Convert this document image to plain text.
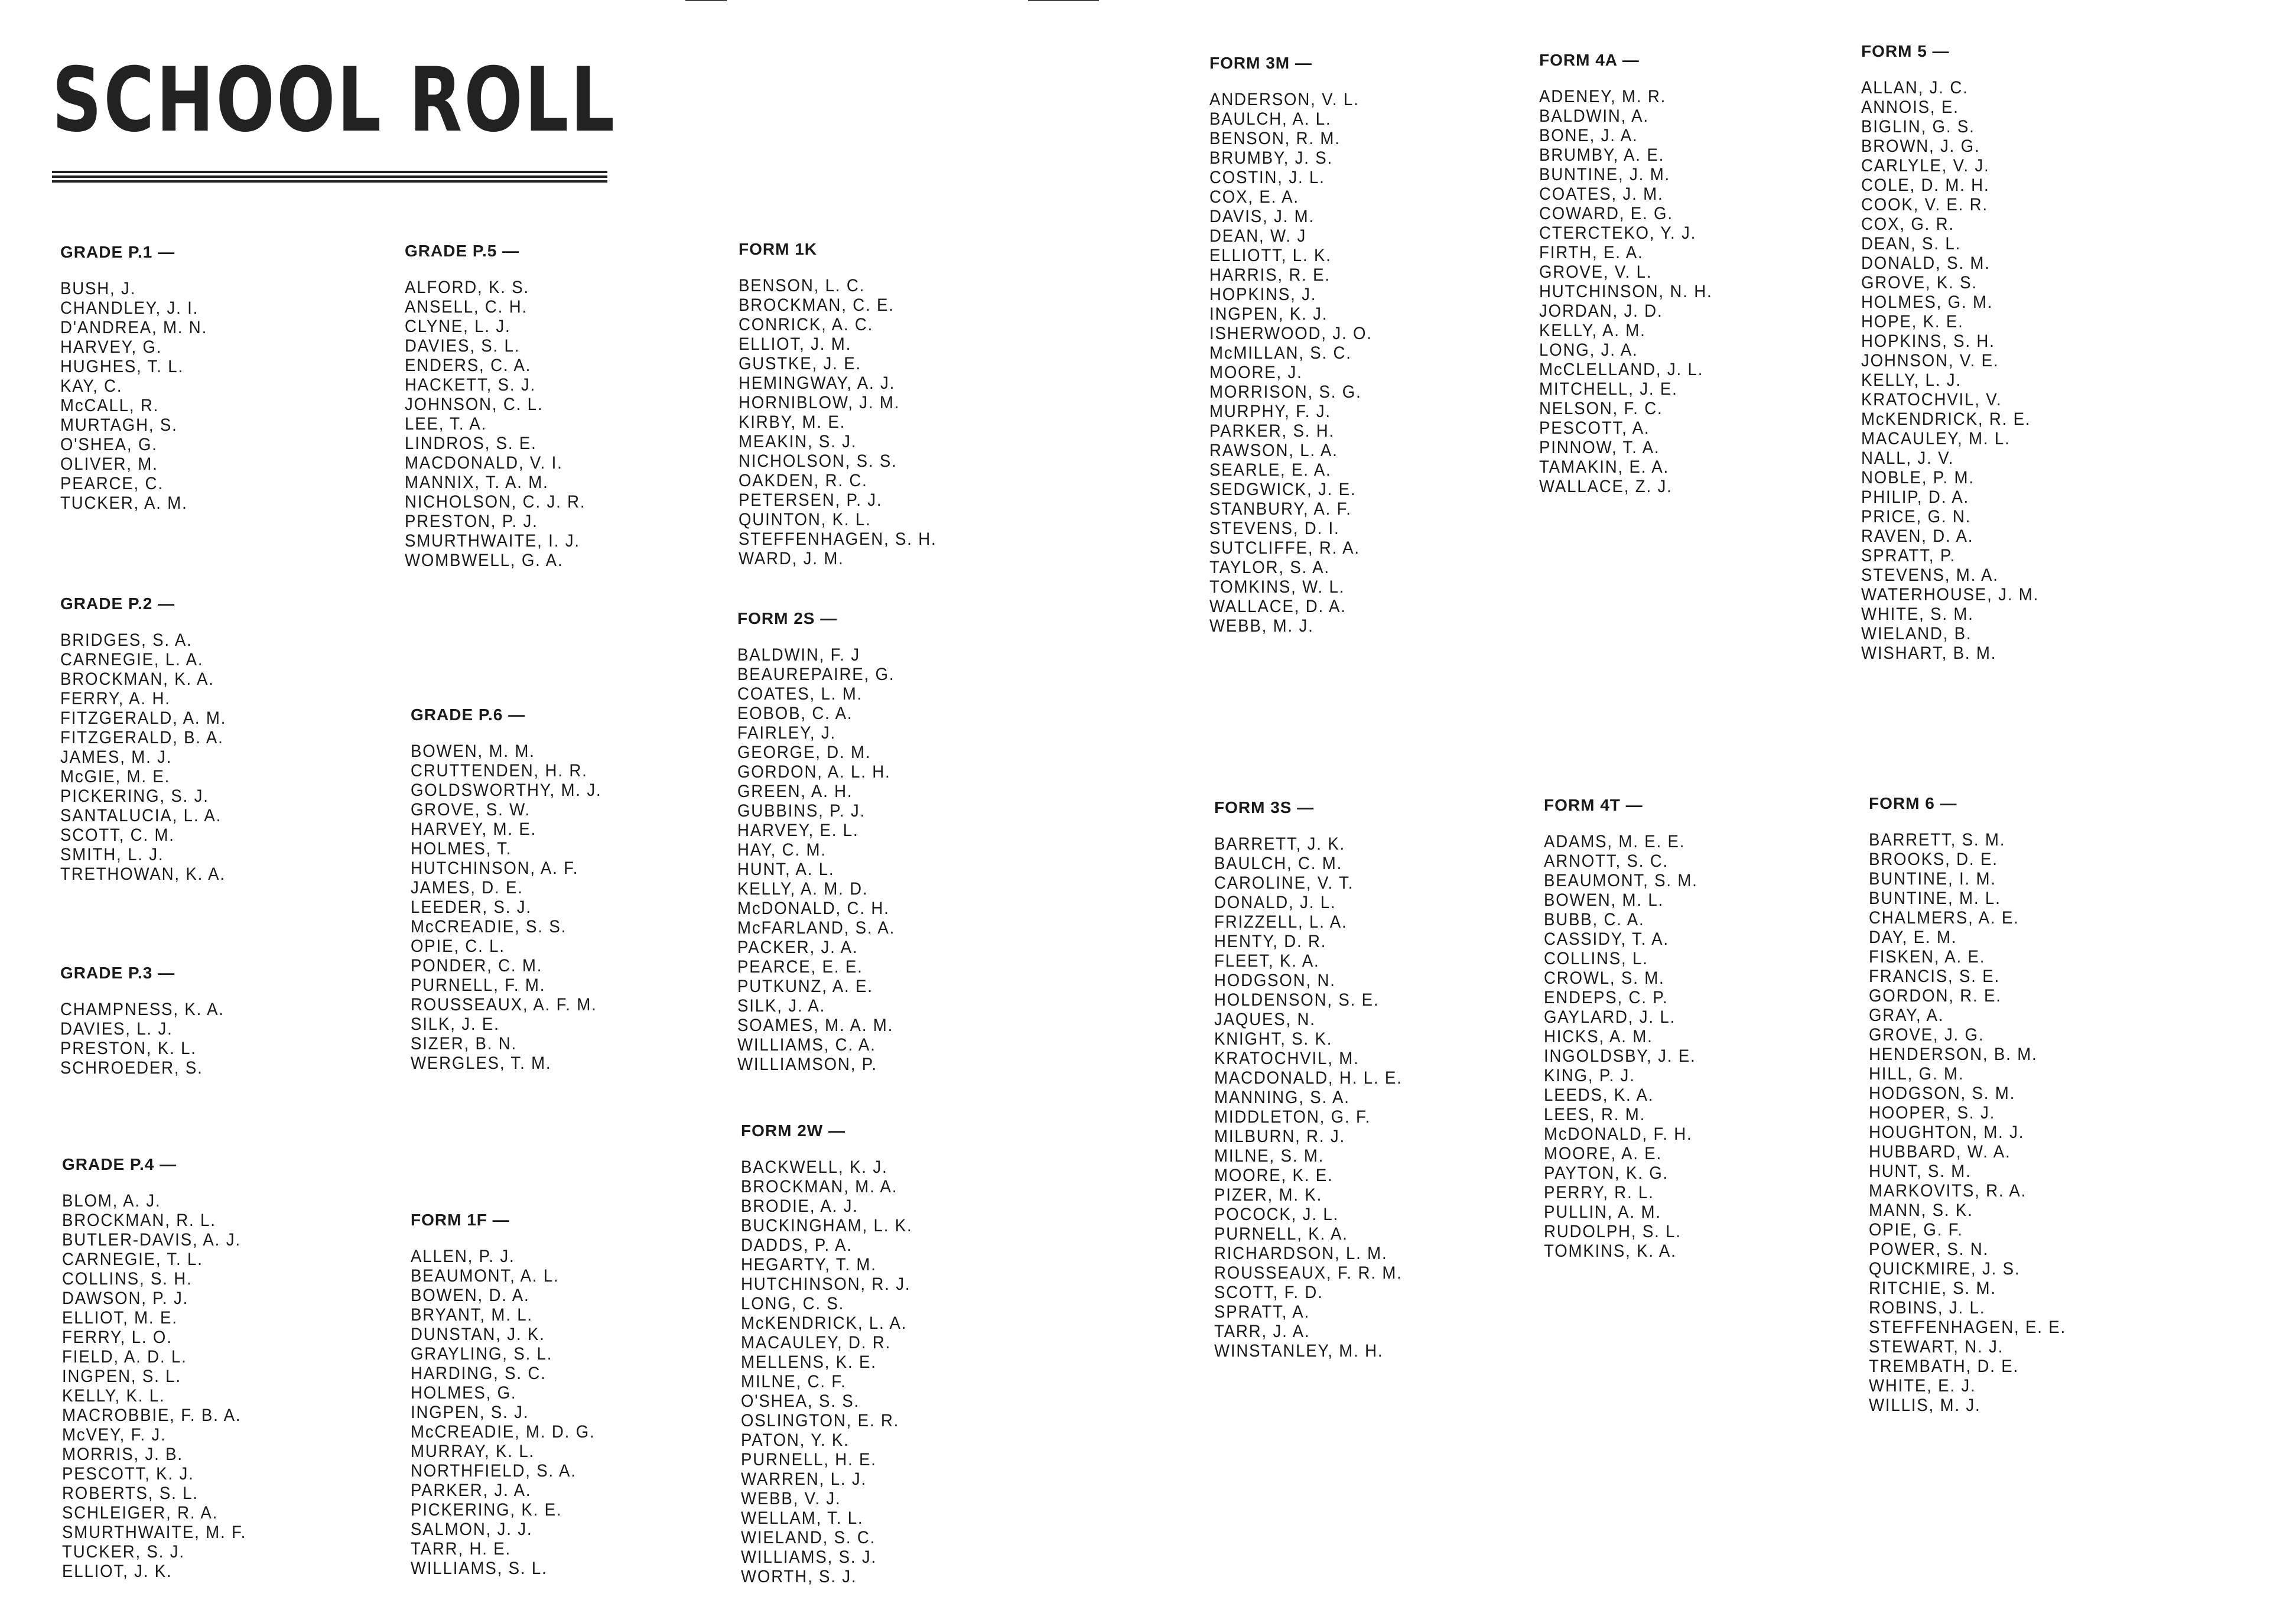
SCHOOL ROLL
GRADE P.1 —
BUSH, J.
CHANDLEY, J. I.
D'ANDREA, M. N.
HARVEY, G.
HUGHES, T. L.
KAY, C.
McCALL, R.
MURTAGH, S.
O'SHEA, G.
OLIVER, M.
PEARCE, C.
TUCKER, A. M.
GRADE P.2 —
BRIDGES, S. A.
CARNEGIE, L. A.
BROCKMAN, K. A.
FERRY, A. H.
FITZGERALD, A. M.
FITZGERALD, B. A.
JAMES, M. J.
McGIE, M. E.
PICKERING, S. J.
SANTALUCIA, L. A.
SCOTT, C. M.
SMITH, L. J.
TRETHOWAN, K. A.
GRADE P.3 —
CHAMPNESS, K. A.
DAVIES, L. J.
PRESTON, K. L.
SCHROEDER, S.
GRADE P.4 —
BLOM, A. J.
BROCKMAN, R. L.
BUTLER-DAVIS, A. J.
CARNEGIE, T. L.
COLLINS, S. H.
DAWSON, P. J.
ELLIOT, M. E.
FERRY, L. O.
FIELD, A. D. L.
INGPEN, S. L.
KELLY, K. L.
MACROBBIE, F. B. A.
McVEY, F. J.
MORRIS, J. B.
PESCOTT, K. J.
ROBERTS, S. L.
SCHLEIGER, R. A.
SMURTHWAITE, M. F.
TUCKER, S. J.
ELLIOT, J. K.
GRADE P.5 —
ALFORD, K. S.
ANSELL, C. H.
CLYNE, L. J.
DAVIES, S. L.
ENDERS, C. A.
HACKETT, S. J.
JOHNSON, C. L.
LEE, T. A.
LINDROS, S. E.
MACDONALD, V. I.
MANNIX, T. A. M.
NICHOLSON, C. J. R.
PRESTON, P. J.
SMURTHWAITE, I. J.
WOMBWELL, G. A.
GRADE P.6 —
BOWEN, M. M.
CRUTTENDEN, H. R.
GOLDSWORTHY, M. J.
GROVE, S. W.
HARVEY, M. E.
HOLMES, T.
HUTCHINSON, A. F.
JAMES, D. E.
LEEDER, S. J.
McCREADIE, S. S.
OPIE, C. L.
PONDER, C. M.
PURNELL, F. M.
ROUSSEAUX, A. F. M.
SILK, J. E.
SIZER, B. N.
WERGLES, T. M.
FORM 1F —
ALLEN, P. J.
BEAUMONT, A. L.
BOWEN, D. A.
BRYANT, M. L.
DUNSTAN, J. K.
GRAYLING, S. L.
HARDING, S. C.
HOLMES, G.
INGPEN, S. J.
McCREADIE, M. D. G.
MURRAY, K. L.
NORTHFIELD, S. A.
PARKER, J. A.
PICKERING, K. E.
SALMON, J. J.
TARR, H. E.
WILLIAMS, S. L.
FORM 1K
BENSON, L. C.
BROCKMAN, C. E.
CONRICK, A. C.
ELLIOT, J. M.
GUSTKE, J. E.
HEMINGWAY, A. J.
HORNIBLOW, J. M.
KIRBY, M. E.
MEAKIN, S. J.
NICHOLSON, S. S.
OAKDEN, R. C.
PETERSEN, P. J.
QUINTON, K. L.
STEFFENHAGEN, S. H.
WARD, J. M.
FORM 2S —
BALDWIN, F. J
BEAUREPAIRE, G.
COATES, L. M.
EOBOB, C. A.
FAIRLEY, J.
GEORGE, D. M.
GORDON, A. L. H.
GREEN, A. H.
GUBBINS, P. J.
HARVEY, E. L.
HAY, C. M.
HUNT, A. L.
KELLY, A. M. D.
McDONALD, C. H.
McFARLAND, S. A.
PACKER, J. A.
PEARCE, E. E.
PUTKUNZ, A. E.
SILK, J. A.
SOAMES, M. A. M.
WILLIAMS, C. A.
WILLIAMSON, P.
FORM 2W —
BACKWELL, K. J.
BROCKMAN, M. A.
BRODIE, A. J.
BUCKINGHAM, L. K.
DADDS, P. A.
HEGARTY, T. M.
HUTCHINSON, R. J.
LONG, C. S.
McKENDRICK, L. A.
MACAULEY, D. R.
MELLENS, K. E.
MILNE, C. F.
O'SHEA, S. S.
OSLINGTON, E. R.
PATON, Y. K.
PURNELL, H. E.
WARREN, L. J.
WEBB, V. J.
WELLAM, T. L.
WIELAND, S. C.
WILLIAMS, S. J.
WORTH, S. J.
FORM 3M —
ANDERSON, V. L.
BAULCH, A. L.
BENSON, R. M.
BRUMBY, J. S.
COSTIN, J. L.
COX, E. A.
DAVIS, J. M.
DEAN, W. J
ELLIOTT, L. K.
HARRIS, R. E.
HOPKINS, J.
INGPEN, K. J.
ISHERWOOD, J. O.
McMILLAN, S. C.
MOORE, J.
MORRISON, S. G.
MURPHY, F. J.
PARKER, S. H.
RAWSON, L. A.
SEARLE, E. A.
SEDGWICK, J. E.
STANBURY, A. F.
STEVENS, D. I.
SUTCLIFFE, R. A.
TAYLOR, S. A.
TOMKINS, W. L.
WALLACE, D. A.
WEBB, M. J.
FORM 3S —
BARRETT, J. K.
BAULCH, C. M.
CAROLINE, V. T.
DONALD, J. L.
FRIZZELL, L. A.
HENTY, D. R.
FLEET, K. A.
HODGSON, N.
HOLDENSON, S. E.
JAQUES, N.
KNIGHT, S. K.
KRATOCHVIL, M.
MACDONALD, H. L. E.
MANNING, S. A.
MIDDLETON, G. F.
MILBURN, R. J.
MILNE, S. M.
MOORE, K. E.
PIZER, M. K.
POCOCK, J. L.
PURNELL, K. A.
RICHARDSON, L. M.
ROUSSEAUX, F. R. M.
SCOTT, F. D.
SPRATT, A.
TARR, J. A.
WINSTANLEY, M. H.
FORM 4A —
ADENEY, M. R.
BALDWIN, A.
BONE, J. A.
BRUMBY, A. E.
BUNTINE, J. M.
COATES, J. M.
COWARD, E. G.
CTERCTEKO, Y. J.
FIRTH, E. A.
GROVE, V. L.
HUTCHINSON, N. H.
JORDAN, J. D.
KELLY, A. M.
LONG, J. A.
McCLELLAND, J. L.
MITCHELL, J. E.
NELSON, F. C.
PESCOTT, A.
PINNOW, T. A.
TAMAKIN, E. A.
WALLACE, Z. J.
FORM 4T —
ADAMS, M. E. E.
ARNOTT, S. C.
BEAUMONT, S. M.
BOWEN, M. L.
BUBB, C. A.
CASSIDY, T. A.
COLLINS, L.
CROWL, S. M.
ENDEPS, C. P.
GAYLARD, J. L.
HICKS, A. M.
INGOLDSBY, J. E.
KING, P. J.
LEEDS, K. A.
LEES, R. M.
McDONALD, F. H.
MOORE, A. E.
PAYTON, K. G.
PERRY, R. L.
PULLIN, A. M.
RUDOLPH, S. L.
TOMKINS, K. A.
FORM 5 —
ALLAN, J. C.
ANNOIS, E.
BIGLIN, G. S.
BROWN, J. G.
CARLYLE, V. J.
COLE, D. M. H.
COOK, V. E. R.
COX, G. R.
DEAN, S. L.
DONALD, S. M.
GROVE, K. S.
HOLMES, G. M.
HOPE, K. E.
HOPKINS, S. H.
JOHNSON, V. E.
KELLY, L. J.
KRATOCHVIL, V.
McKENDRICK, R. E.
MACAULEY, M. L.
NALL, J. V.
NOBLE, P. M.
PHILIP, D. A.
PRICE, G. N.
RAVEN, D. A.
SPRATT, P.
STEVENS, M. A.
WATERHOUSE, J. M.
WHITE, S. M.
WIELAND, B.
WISHART, B. M.
FORM 6 —
BARRETT, S. M.
BROOKS, D. E.
BUNTINE, I. M.
BUNTINE, M. L.
CHALMERS, A. E.
DAY, E. M.
FISKEN, A. E.
FRANCIS, S. E.
GORDON, R. E.
GRAY, A.
GROVE, J. G.
HENDERSON, B. M.
HILL, G. M.
HODGSON, S. M.
HOOPER, S. J.
HOUGHTON, M. J.
HUBBARD, W. A.
HUNT, S. M.
MARKOVITS, R. A.
MANN, S. K.
OPIE, G. F.
POWER, S. N.
QUICKMIRE, J. S.
RITCHIE, S. M.
ROBINS, J. L.
STEFFENHAGEN, E. E.
STEWART, N. J.
TREMBATH, D. E.
WHITE, E. J.
WILLIS, M. J.
